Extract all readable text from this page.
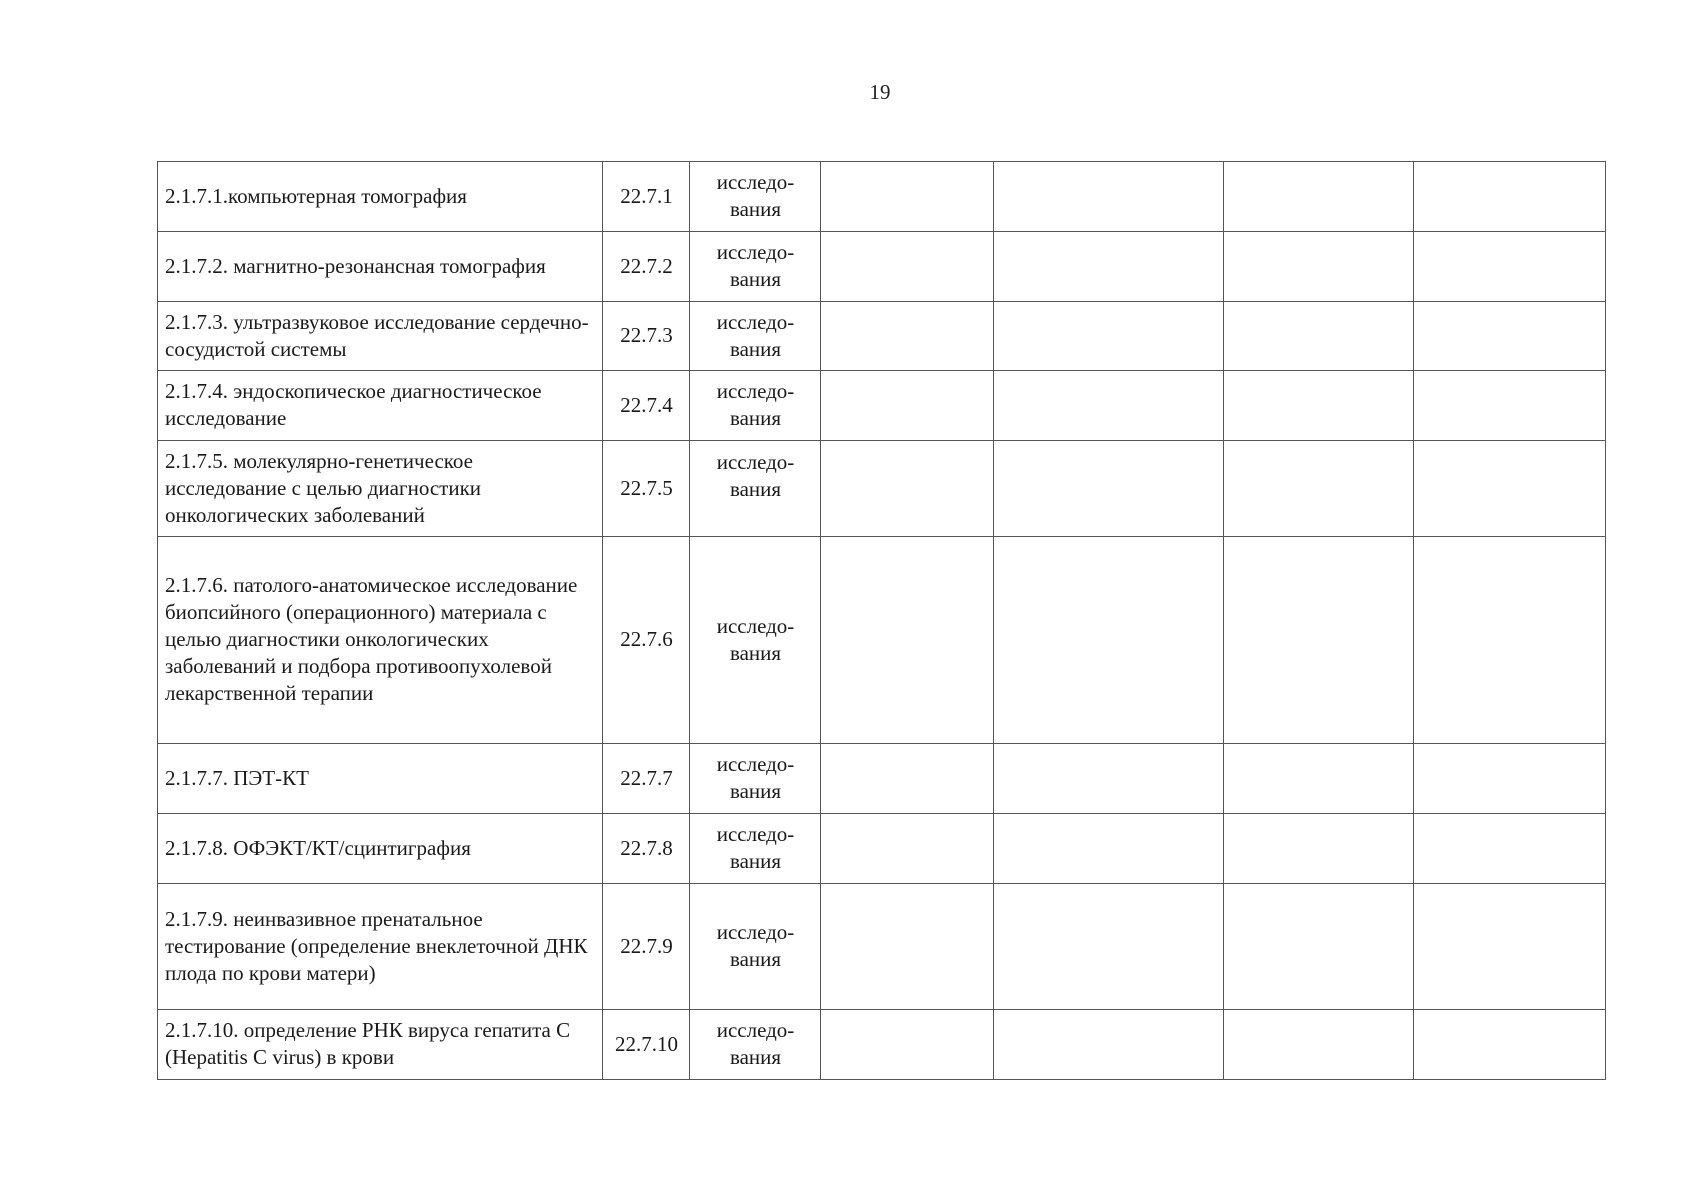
19
2.1.7.1.компьютерная томография	22.7.1	исследо-
вания				

2.1.7.2. магнитно-резонансная томография	22.7.2	исследо-
вания				

2.1.7.3. ультразвуковое исследование сердечно-сосудистой системы	22.7.3	исследо-
вания				

2.1.7.4. эндоскопическое диагностическое исследование	22.7.4	исследо-
вания				

2.1.7.5. молекулярно-генетическое исследование с целью диагностики онкологических заболеваний	22.7.5	исследо-
вания				

2.1.7.6. патолого-анатомическое исследование биопсийного (операционного) материала с целью диагностики онкологических заболеваний и подбора противоопухолевой лекарственной терапии	22.7.6	исследо-
вания				

2.1.7.7. ПЭТ-КТ	22.7.7	исследо-
вания				

2.1.7.8. ОФЭКТ/КТ/сцинтиграфия	22.7.8	исследо-
вания				

2.1.7.9. неинвазивное пренатальное тестирование (определение внеклеточной ДНК плода по крови матери)	22.7.9	исследо-
вания				

2.1.7.10. определение РНК вируса гепатита C (Hepatitis C virus) в крови	22.7.10	исследо-
вания				
